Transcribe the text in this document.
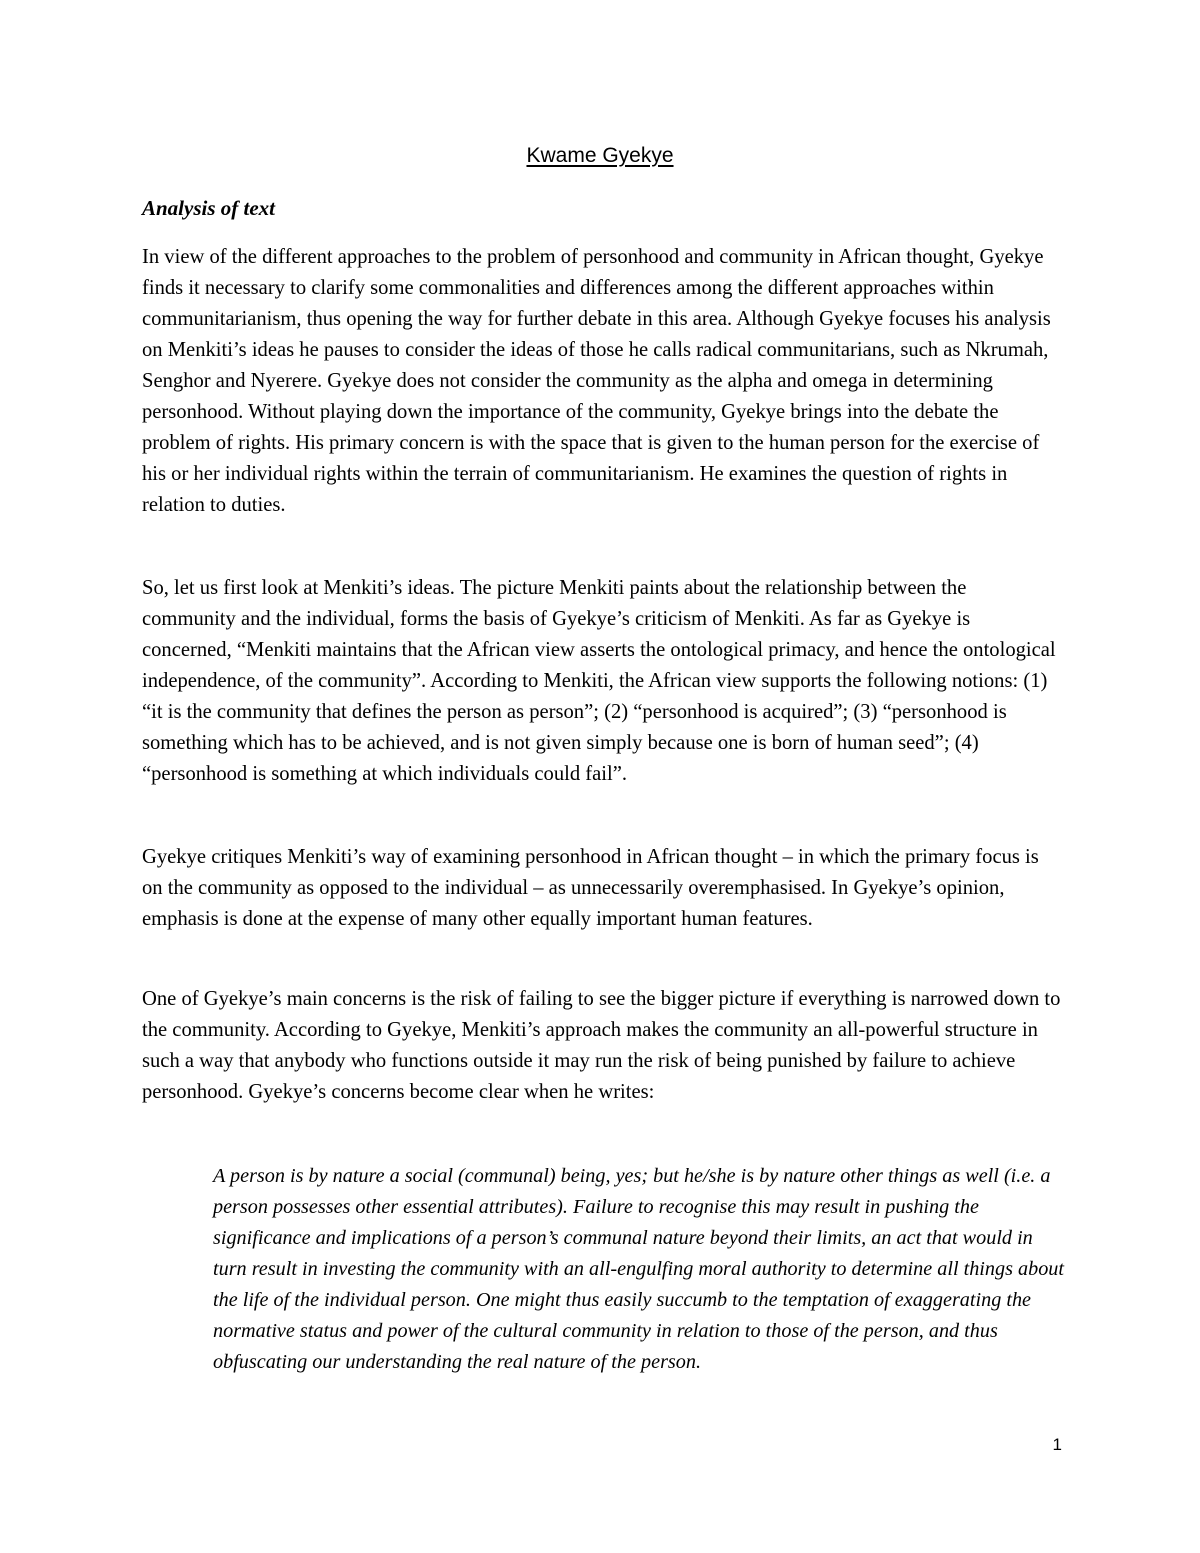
Kwame Gyekye
Analysis of text

In view of the different approaches to the problem of personhood and community in African thought, Gyekye finds it necessary to clarify some commonalities and differences among the different approaches within communitarianism, thus opening the way for further debate in this area. Although Gyekye focuses his analysis on Menkiti’s ideas he pauses to consider the ideas of those he calls radical communitarians, such as Nkrumah, Senghor and Nyerere. Gyekye does not consider the community as the alpha and omega in determining personhood. Without playing down the importance of the community, Gyekye brings into the debate the problem of rights. His primary concern is with the space that is given to the human person for the exercise of his or her individual rights within the terrain of communitarianism. He examines the question of rights in relation to duties.

So, let us first look at Menkiti’s ideas. The picture Menkiti paints about the relationship between the community and the individual, forms the basis of Gyekye’s criticism of Menkiti. As far as Gyekye is concerned, “Menkiti maintains that the African view asserts the ontological primacy, and hence the ontological independence, of the community”. According to Menkiti, the African view supports the following notions: (1) “it is the community that defines the person as person”; (2) “personhood is acquired”; (3) “personhood is something which has to be achieved, and is not given simply because one is born of human seed”; (4) “personhood is something at which individuals could fail”.

Gyekye critiques Menkiti’s way of examining personhood in African thought – in which the primary focus is on the community as opposed to the individual – as unnecessarily overemphasised. In Gyekye’s opinion, emphasis is done at the expense of many other equally important human features.

One of Gyekye’s main concerns is the risk of failing to see the bigger picture if everything is narrowed down to the community. According to Gyekye, Menkiti’s approach makes the community an all-powerful structure in such a way that anybody who functions outside it may run the risk of being punished by failure to achieve personhood. Gyekye’s concerns become clear when he writes:

A person is by nature a social (communal) being, yes; but he/she is by nature other things as well (i.e. a person possesses other essential attributes). Failure to recognise this may result in pushing the significance and implications of a person’s communal nature beyond their limits, an act that would in turn result in investing the community with an all-engulfing moral authority to determine all things about the life of the individual person. One might thus easily succumb to the temptation of exaggerating the normative status and power of the cultural community in relation to those of the person, and thus obfuscating our understanding the real nature of the person.

1
